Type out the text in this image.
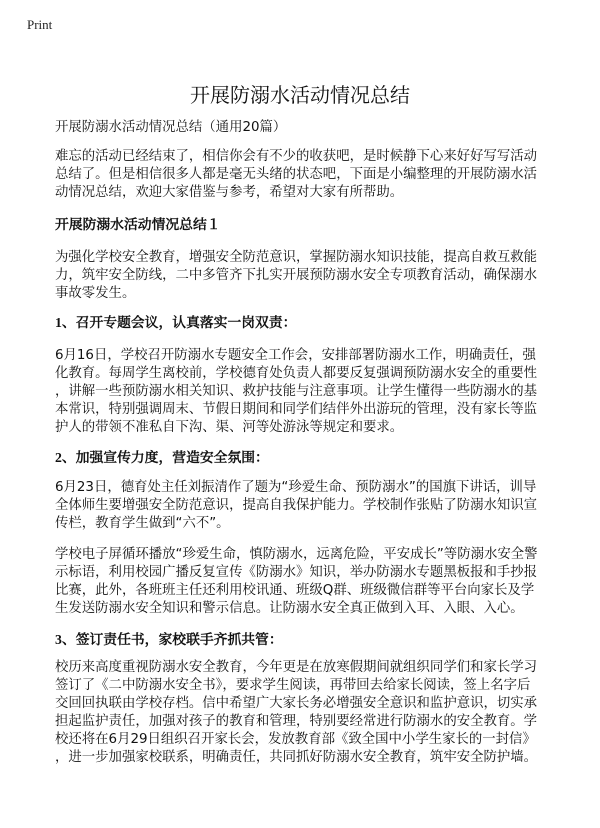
Print
开展防溺水活动情况总结
开展防溺水活动情况总结（通用20篇）
难忘的活动已经结束了，相信你会有不少的收获吧，是时候静下心来好好写写活动
总结了。但是相信很多人都是毫无头绪的状态吧，下面是小编整理的开展防溺水活
动情况总结，欢迎大家借鉴与参考，希望对大家有所帮助。
开展防溺水活动情况总结１
为强化学校安全教育，增强安全防范意识，掌握防溺水知识技能，提高自救互救能
力，筑牢安全防线，二中多管齐下扎实开展预防溺水安全专项教育活动，确保溺水
事故零发生。
1、召开专题会议，认真落实一岗双责：
6月16日，学校召开防溺水专题安全工作会，安排部署防溺水工作，明确责任，强
化教育。每周学生离校前，学校德育处负责人都要反复强调预防溺水安全的重要性
，讲解一些预防溺水相关知识、救护技能与注意事项。让学生懂得一些防溺水的基
本常识，特别强调周末、节假日期间和同学们结伴外出游玩的管理，没有家长等监
护人的带领不准私自下沟、渠、河等处游泳等规定和要求。
2、加强宣传力度，营造安全氛围：
6月23日，德育处主任刘振清作了题为“珍爱生命、预防溺水”的国旗下讲话，训导
全体师生要增强安全防范意识，提高自我保护能力。学校制作张贴了防溺水知识宣
传栏，教育学生做到“六不”。
学校电子屏循环播放“珍爱生命，慎防溺水，远离危险，平安成长”等防溺水安全警
示标语，利用校园广播反复宣传《防溺水》知识，举办防溺水专题黑板报和手抄报
比赛，此外，各班班主任还利用校讯通、班级Q群、班级微信群等平台向家长及学
生发送防溺水安全知识和警示信息。让防溺水安全真正做到入耳、入眼、入心。
3、签订责任书，家校联手齐抓共管：
校历来高度重视防溺水安全教育，今年更是在放寒假期间就组织同学们和家长学习
签订了《二中防溺水安全书》，要求学生阅读，再带回去给家长阅读，签上名字后
交回回执联由学校存档。信中希望广大家长务必增强安全意识和监护意识，切实承
担起监护责任，加强对孩子的教育和管理，特别要经常进行防溺水的安全教育。学
校还将在6月29日组织召开家长会，发放教育部《致全国中小学生家长的一封信》
，进一步加强家校联系，明确责任，共同抓好防溺水安全教育，筑牢安全防护墙。
